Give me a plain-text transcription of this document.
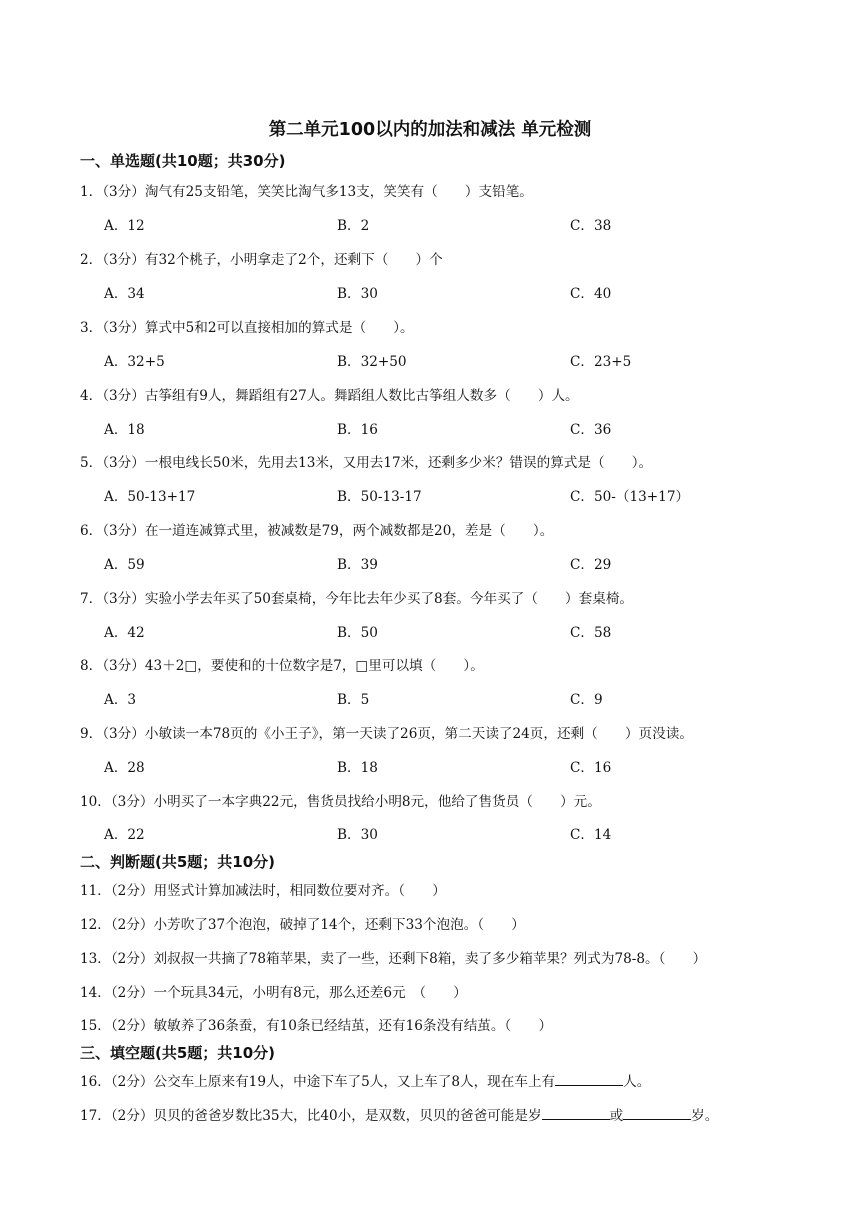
第二单元100以内的加法和减法 单元检测
一、单选题(共10题；共30分)
1．（3分）淘气有25支铅笔，笑笑比淘气多13支，笑笑有（　　）支铅笔。
A．12	B．2	C．38
2．（3分）有32个桃子，小明拿走了2个，还剩下（　　）个
A．34	B．30	C．40
3．（3分）算式中5和2可以直接相加的算式是（　　）。
A．32+5	B．32+50	C．23+5
4．（3分）古筝组有9人，舞蹈组有27人。舞蹈组人数比古筝组人数多（　　）人。
A．18	B．16	C．36
5．（3分）一根电线长50米，先用去13米，又用去17米，还剩多少米？错误的算式是（　　）。
A．50-13+17	B．50-13-17	C．50-（13+17）
6．（3分）在一道连减算式里，被减数是79，两个减数都是20，差是（　　）。
A．59	B．39	C．29
7．（3分）实验小学去年买了50套桌椅，今年比去年少买了8套。今年买了（　　）套桌椅。
A．42	B．50	C．58
8．（3分）43＋2□，要使和的十位数字是7，□里可以填（　　）。
A．3	B．5	C．9
9．（3分）小敏读一本78页的《小王子》，第一天读了26页，第二天读了24页，还剩（　　）页没读。
A．28	B．18	C．16
10．（3分）小明买了一本字典22元，售货员找给小明8元，他给了售货员（　　）元。
A．22	B．30	C．14
二、判断题(共5题；共10分)
11．（2分）用竖式计算加减法时，相同数位要对齐。（　　）
12．（2分）小芳吹了37个泡泡，破掉了14个，还剩下33个泡泡。（　　）
13．（2分）刘叔叔一共摘了78箱苹果，卖了一些，还剩下8箱，卖了多少箱苹果？列式为78-8。（　　）
14．（2分）一个玩具34元，小明有8元，那么还差6元　（　　）
15．（2分）敏敏养了36条蚕，有10条已经结茧，还有16条没有结茧。（　　）
三、填空题(共5题；共10分)
16．（2分）公交车上原来有19人，中途下车了5人，又上车了8人，现在车上有	人。
17．（2分）贝贝的爸爸岁数比35大，比40小，是双数，贝贝的爸爸可能是岁	或	岁。
